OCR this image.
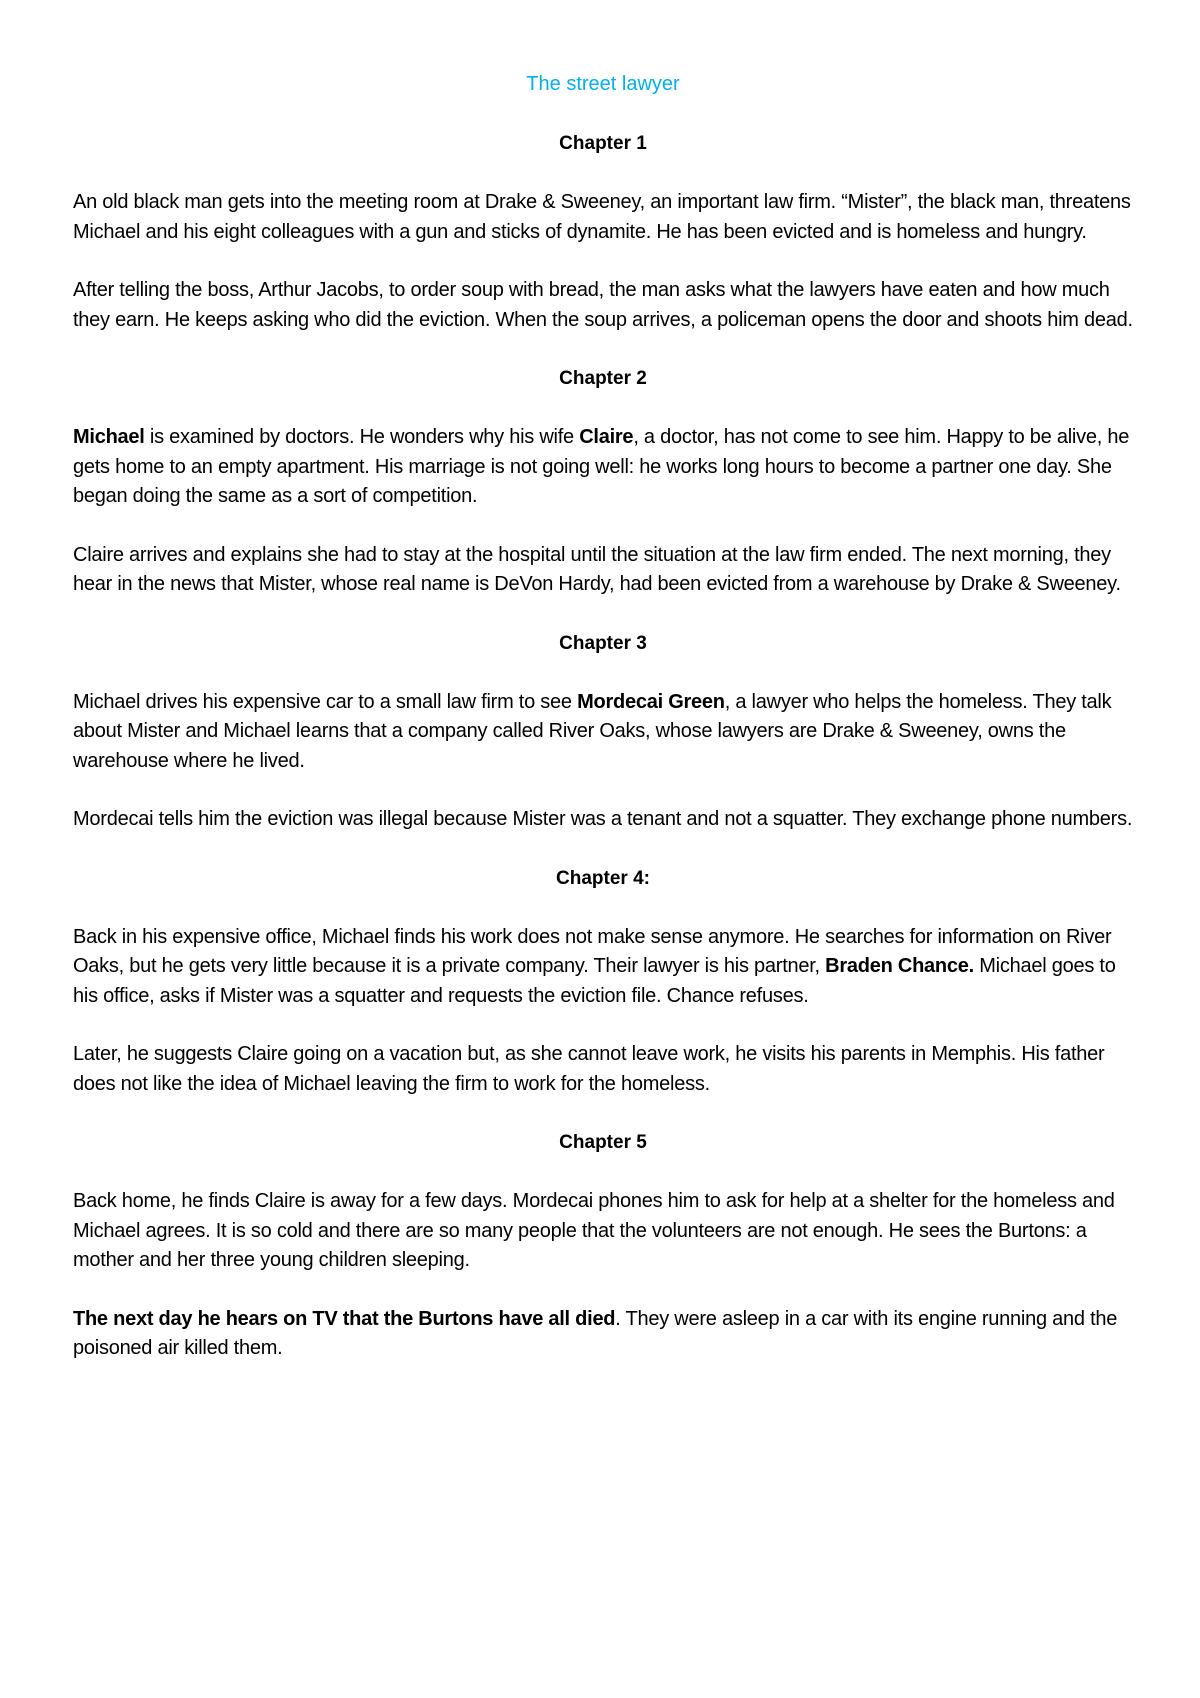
The street lawyer
Chapter 1

An old black man gets into the meeting room at Drake & Sweeney, an important law firm. “Mister”, the black man, threatens Michael and his eight colleagues with a gun and sticks of dynamite. He has been evicted and is homeless and hungry.

After telling the boss, Arthur Jacobs, to order soup with bread, the man asks what the lawyers have eaten and how much they earn. He keeps asking who did the eviction. When the soup arrives, a policeman opens the door and shoots him dead.

Chapter 2

Michael is examined by doctors. He wonders why his wife Claire, a doctor, has not come to see him. Happy to be alive, he gets home to an empty apartment. His marriage is not going well: he works long hours to become a partner one day. She began doing the same as a sort of competition.

Claire arrives and explains she had to stay at the hospital until the situation at the law firm ended. The next morning, they hear in the news that Mister, whose real name is DeVon Hardy, had been evicted from a warehouse by Drake & Sweeney.

Chapter 3

Michael drives his expensive car to a small law firm to see Mordecai Green, a lawyer who helps the homeless. They talk about Mister and Michael learns that a company called River Oaks, whose lawyers are Drake & Sweeney, owns the warehouse where he lived.

Mordecai tells him the eviction was illegal because Mister was a tenant and not a squatter. They exchange phone numbers.

Chapter 4:

Back in his expensive office, Michael finds his work does not make sense anymore. He searches for information on River Oaks, but he gets very little because it is a private company. Their lawyer is his partner, Braden Chance. Michael goes to his office, asks if Mister was a squatter and requests the eviction file. Chance refuses.

Later, he suggests Claire going on a vacation but, as she cannot leave work, he visits his parents in Memphis. His father does not like the idea of Michael leaving the firm to work for the homeless.

Chapter 5

Back home, he finds Claire is away for a few days. Mordecai phones him to ask for help at a shelter for the homeless and Michael agrees. It is so cold and there are so many people that the volunteers are not enough. He sees the Burtons: a mother and her three young children sleeping.

The next day he hears on TV that the Burtons have all died. They were asleep in a car with its engine running and the poisoned air killed them.
